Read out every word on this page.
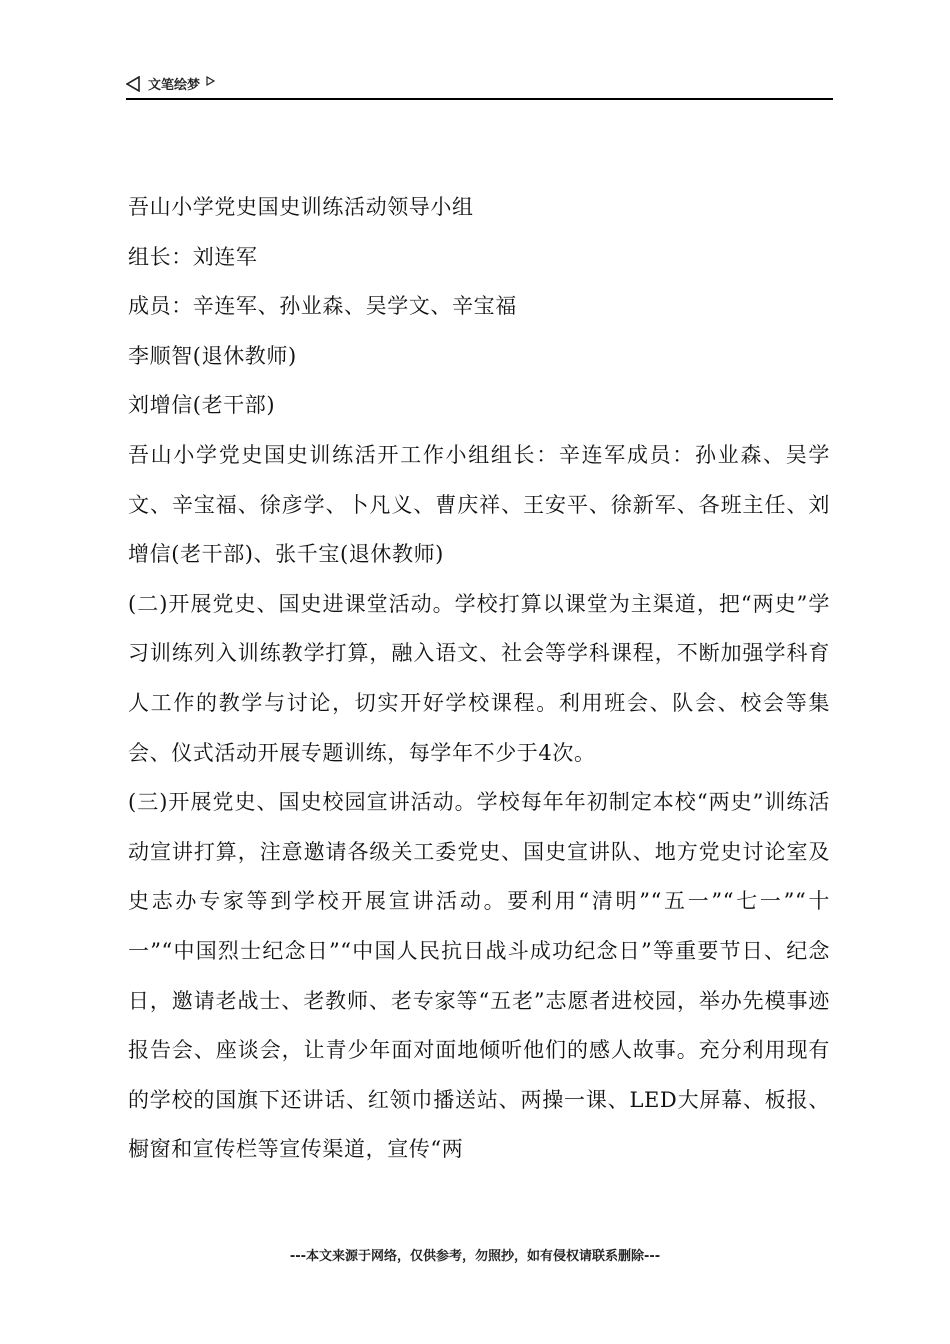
文笔绘梦

吾山小学党史国史训练活动领导小组

组长：刘连军

成员：辛连军、孙业森、吴学文、辛宝福

李顺智(退休教师)

刘增信(老干部)

吾山小学党史国史训练活开工作小组组长：辛连军成员：孙业森、吴学文、辛宝福、徐彦学、卜凡义、曹庆祥、王安平、徐新军、各班主任、刘增信(老干部)、张千宝(退休教师)

(二)开展党史、国史进课堂活动。学校打算以课堂为主渠道，把“两史”学习训练列入训练教学打算，融入语文、社会等学科课程，不断加强学科育人工作的教学与讨论，切实开好学校课程。利用班会、队会、校会等集会、仪式活动开展专题训练，每学年不少于4次。

(三)开展党史、国史校园宣讲活动。学校每年年初制定本校“两史”训练活动宣讲打算，注意邀请各级关工委党史、国史宣讲队、地方党史讨论室及史志办专家等到学校开展宣讲活动。要利用“清明”“五一”“七一”“十一”“中国烈士纪念日”“中国人民抗日战斗成功纪念日”等重要节日、纪念日，邀请老战士、老教师、老专家等“五老”志愿者进校园，举办先模事迹报告会、座谈会，让青少年面对面地倾听他们的感人故事。充分利用现有的学校的国旗下还讲话、红领巾播送站、两操一课、LED大屏幕、板报、橱窗和宣传栏等宣传渠道，宣传“两

---本文来源于网络，仅供参考，勿照抄，如有侵权请联系删除---
